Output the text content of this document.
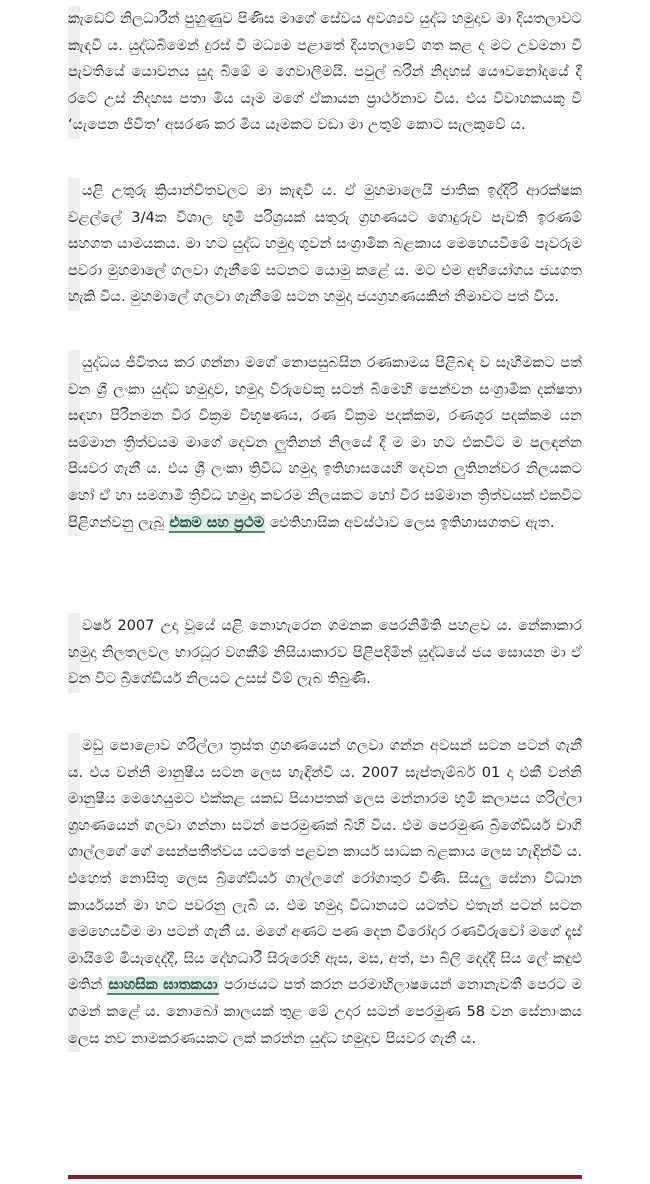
කැඩෙට් නිලධාරීන් පුහුණුව පිණිස මාගේ සේවය අවශ්‍යව යුද්ධ හමුදාව මා දියතලාවට කැඳවී ය. යුද්ධබිමෙන් දුරස් වී මධ්‍යම පළාතේ දියතලාවේ ගත කළ ද මට උවමනා වී පැවතියේ යොවනය යුද බිමේ ම ගෙවාලීමයි. පවුල් බරින් නිදහස් යෞවනෝදයේ දී රටේ උස් නිදහස පතා මිය යෑම මගේ ඒකායන ප්‍රාර්ථනාව විය. එය විවාහකයකු වී ‘යැපෙන ජීවිත’ අසරණ කර මිය යෑමකට වඩා මා උතුම් කොට සැලකුවේ ය.

යළි උතුරු ක්‍රියාන්විතවලට මා කැඳවී ය. ඒ මුහමාලෙයි ජාතික ඉද්දිරි ආරක්ෂක වළල්ලේ 3/4ක විශාල භූමි පරිශ්‍රයක් සතුරු ග්‍රහණයට ගොදුරුව පැවති ඉරණම් සහගත යාමයකය. මා හට යුද්ධ හමුදා ගුවන් සංග්‍රාමික බළකාය මෙහෙයවීමේ පැවරුම පවරා මුහමාලේ ගලවා ගැනීමේ සටනට යොමු කළේ ය. මට එම අභියෝගය ජයගත හැකි විය. මුහමාලේ ගලවා ගැනීමේ සටන හමුදා ජයග්‍රහණයකින් නිමාවට පත් විය.

යුද්ධය ජීවිතය කර ගන්නා මගේ නොපසුබසින රණකාමය පිළිබඳ ව සෑහීමකට පත් වන ශ්‍රී ලංකා යුද්ධ හමුදාව, හමුදා විරුවෙකු සටන් බිමෙහි පෙන්වන සංග්‍රාමික දක්ෂතා සඳහා පිරිනමන වීර වික්‍රම විභූෂණය, රණ වික්‍රම පදක්කම, රණශූර පදක්කම යන සම්මාන ත්‍රිත්වයම මාගේ දෙවන ලුතිනන් නිලයේ දී ම මා හට එකවිට ම පලඳන්න පියවර ගැනී ය. එය ශ්‍රී ලංකා ත්‍රිවිධ හමුදා ඉතිහාසයෙහි දෙවන ලුතිනන්වර නිලයකට හෝ ඒ හා සමගාමී ත්‍රිවිධ හමුදා කවරම නිලයකට හෝ වීර සම්මාන ත්‍රිත්වයක් එකවිට පිළිගන්වනු ලැබූ එකම සහ ප්‍රථම ඓතිහාසික අවස්ථාව ලෙස ඉතිහාසගතව ඇත.

වර්ෂ 2007 උදා වූයේ යළි නොහැරෙන ගමනක පෙරනිමිති පහළව ය. නේකාකාර හමුදා නිලතලවල භාරධූර වගකීම් නිසියාකාරව පිළිපදිමින් යුද්ධයේ ජය සොයන මා ඒ වන විට බ්‍රිගේඩියර් නිලයට උසස් වීම් ලැබ තිබුණි.

මඩු පොළොව ගරිල්ලා ත්‍රස්ත ග්‍රහණයෙන් ගලවා ගන්න අවසන් සටන පටන් ගැනී ය. එය වන්නි මානුෂීය සටන ලෙස හැඳින්වී ය. 2007 සැප්තැම්බර් 01 දා එකී වන්නි මානුෂීය මෙහෙයුමට එක්කළ යකඩ පියාපතක් ලෙස මන්නාරම භූමි කලාපය ගරිල්ලා ග්‍රහණයෙන් ගලවා ගන්නා සටන් පෙරමුණක් බිහි විය. එම පෙරමුණ බ්‍රිගේඩියර් චාගි ගාල්ලගේ ගේ සෙන්පතීත්වය යටතේ පළවන කාර්ය සාධක බළකාය ලෙස හැඳින්වී ය. එහෙත් නොසිතූ ලෙස බ්‍රිගේඩියර් ගාල්ලගේ රෝගාතුර විණි. සියලු සේනා විධාන කාර්යයන් මා හට පවරනු ලැබී ය. එම හමුදා විධානයට යටත්ව එතැන් පටන් සටන මෙහෙයවීම මා පටන් ගැනී ය. මගේ අණට පණ දෙන වීරෝදාර රණවිරුවෝ මගේ දෑස් මායිමේ මියැදෙද්දී, සිය දේහධාරී සිරුරෙහි ඇස, මස, අත්, පා බිලි දෙද්දී සිය ලේ කඳුළු මතින් සාහසික ඝාතකයා පරාජයට පත් කරන පරමාභිලාෂයෙන් නොනැවතී පෙරට ම ගමන් කළේ ය. නොබෝ කාලයක් තුළ මේ උදාර සටන් පෙරමුණ 58 වන සේනාංකය ලෙස නව නාමකරණයකට ලක් කරන්න යුද්ධ හමුදාව පියවර ගැනී ය.
